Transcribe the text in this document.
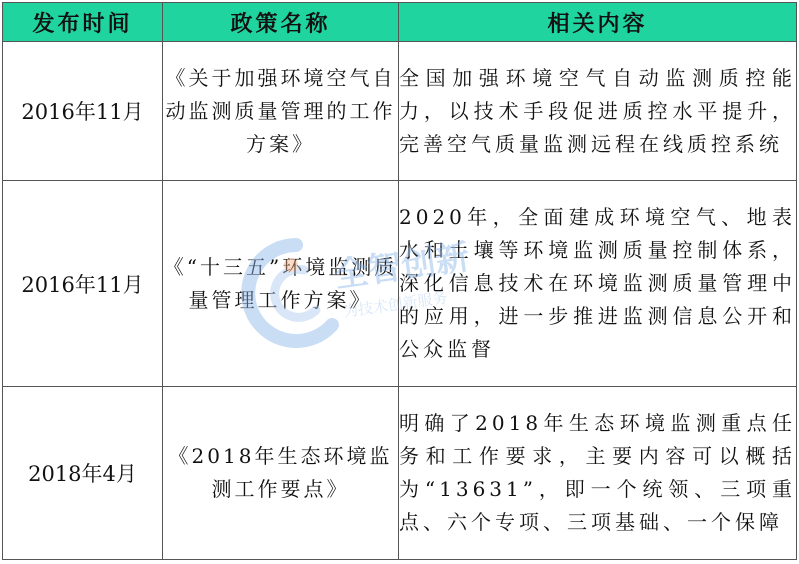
发布时间	政策名称	相关内容
2016年11月	《关于加强环境空气自动监测质量管理的工作方案》	全国加强环境空气自动监测质控能力，以技术手段促进质控水平提升，完善空气质量监测远程在线质控系统
2016年11月	《“十三五”环境监测质量管理工作方案》	2020年，全面建成环境空气、地表水和土壤等环境监测质量控制体系，深化信息技术在环境监测质量管理中的应用，进一步推进监测信息公开和公众监督
2018年4月	《2018年生态环境监测工作要点》	明确了2018年生态环境监测重点任务和工作要求，主要内容可以概括为“13631”，即一个统领、三项重点、六个专项、三项基础、一个保障
全智创新
为技术创新服务
